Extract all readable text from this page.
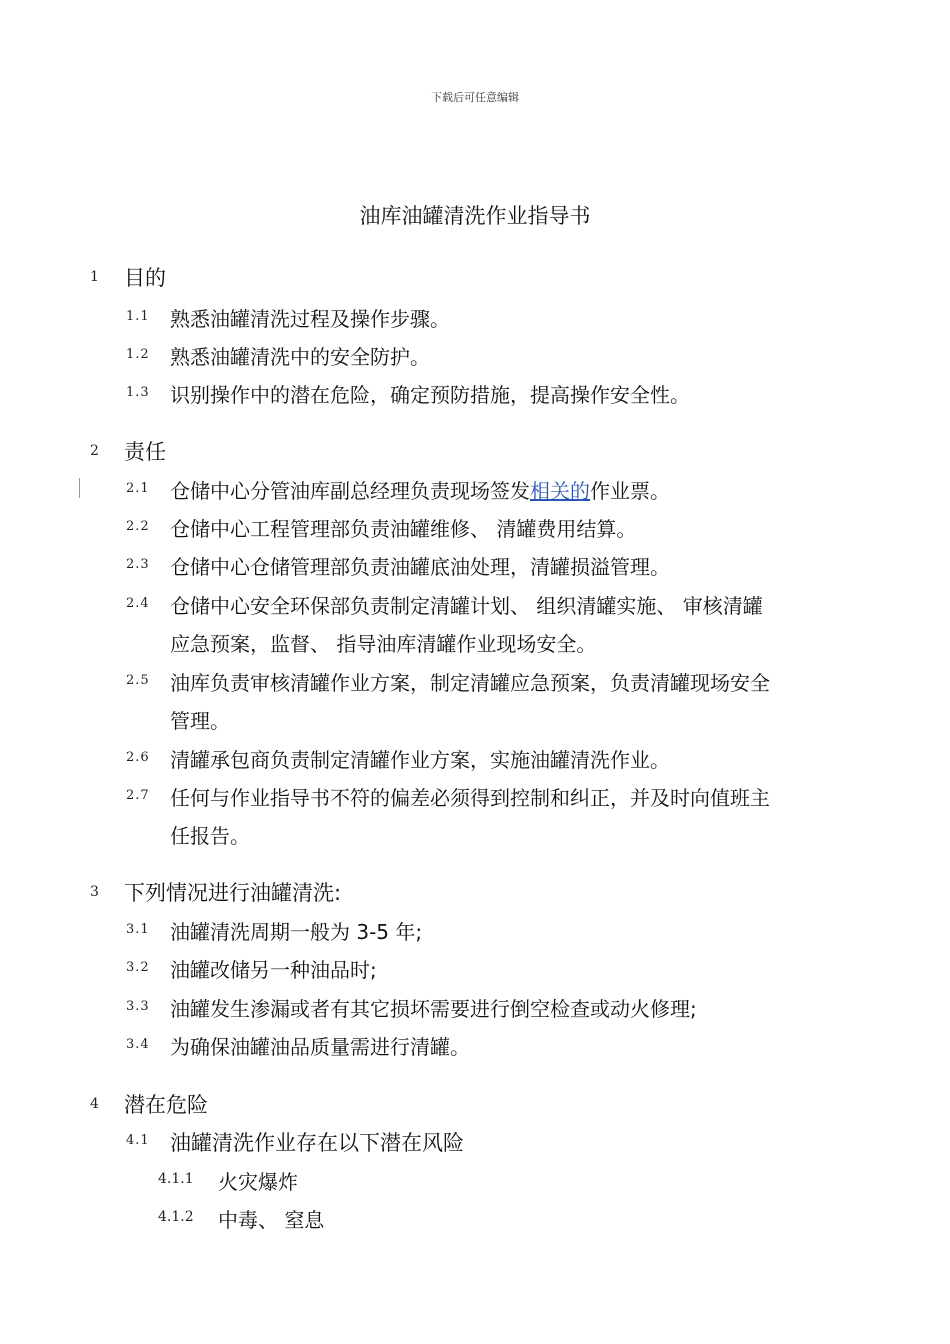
下载后可任意编辑
油库油罐清洗作业指导书
1 目的
1.1 熟悉油罐清洗过程及操作步骤。
1.2 熟悉油罐清洗中的安全防护。
1.3 识别操作中的潜在危险，确定预防措施，提高操作安全性。
2 责任
2.1 仓储中心分管油库副总经理负责现场签发相关的作业票。
2.2 仓储中心工程管理部负责油罐维修、 清罐费用结算。
2.3 仓储中心仓储管理部负责油罐底油处理，清罐损溢管理。
2.4 仓储中心安全环保部负责制定清罐计划、 组织清罐实施、 审核清罐
应急预案，监督、 指导油库清罐作业现场安全。
2.5 油库负责审核清罐作业方案，制定清罐应急预案，负责清罐现场安全
管理。
2.6 清罐承包商负责制定清罐作业方案，实施油罐清洗作业。
2.7 任何与作业指导书不符的偏差必须得到控制和纠正，并及时向值班主
任报告。
3 下列情况进行油罐清洗:
3.1 油罐清洗周期一般为 3-5 年;
3.2 油罐改储另一种油品时;
3.3 油罐发生渗漏或者有其它损坏需要进行倒空检查或动火修理;
3.4 为确保油罐油品质量需进行清罐。
4 潜在危险
4.1 油罐清洗作业存在以下潜在风险
4.1.1 火灾爆炸
4.1.2 中毒、 窒息
